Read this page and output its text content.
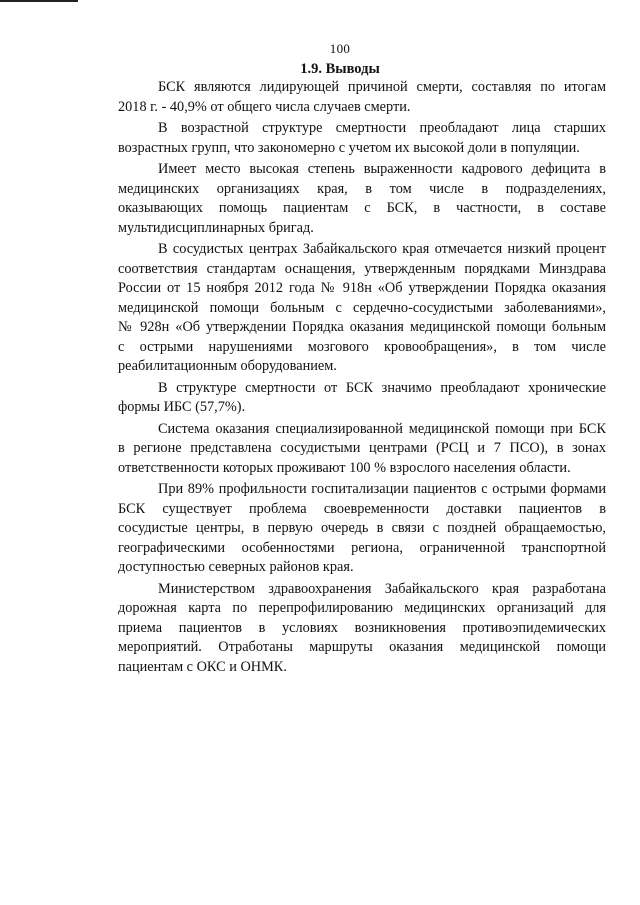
100
1.9. Выводы

БСК являются лидирующей причиной смерти, составляя по итогам
2018 г. - 40,9% от общего числа случаев смерти.

В возрастной структуре смертности преобладают лица старших
возрастных групп, что закономерно с учетом их высокой доли в популяции.

Имеет место высокая степень выраженности кадрового дефицита в
медицинских организациях края, в том числе в подразделениях,
оказывающих помощь пациентам с БСК, в частности, в составе
мультидисциплинарных бригад.

В сосудистых центрах Забайкальского края отмечается низкий процент
соответствия стандартам оснащения, утвержденным порядками Минздрава
России от 15 ноября 2012 года № 918н «Об утверждении Порядка оказания
медицинской помощи больным с сердечно-сосудистыми заболеваниями»,
№ 928н «Об утверждении Порядка оказания медицинской помощи больным
с острыми нарушениями мозгового кровообращения», в том числе
реабилитационным оборудованием.

В структуре смертности от БСК значимо преобладают хронические
формы ИБС (57,7%).

Система оказания специализированной медицинской помощи при БСК
в регионе представлена сосудистыми центрами (РСЦ и 7 ПСО), в зонах
ответственности которых проживают 100 % взрослого населения области.

При 89% профильности госпитализации пациентов с острыми формами
БСК существует проблема своевременности доставки пациентов в
сосудистые центры, в первую очередь в связи с поздней обращаемостью,
географическими особенностями региона, ограниченной транспортной
доступностью северных районов края.

Министерством здравоохранения Забайкальского края разработана
дорожная карта по перепрофилированию медицинских организаций для
приема пациентов в условиях возникновения противоэпидемических
мероприятий. Отработаны маршруты оказания медицинской помощи
пациентам с ОКС и ОНМК.
